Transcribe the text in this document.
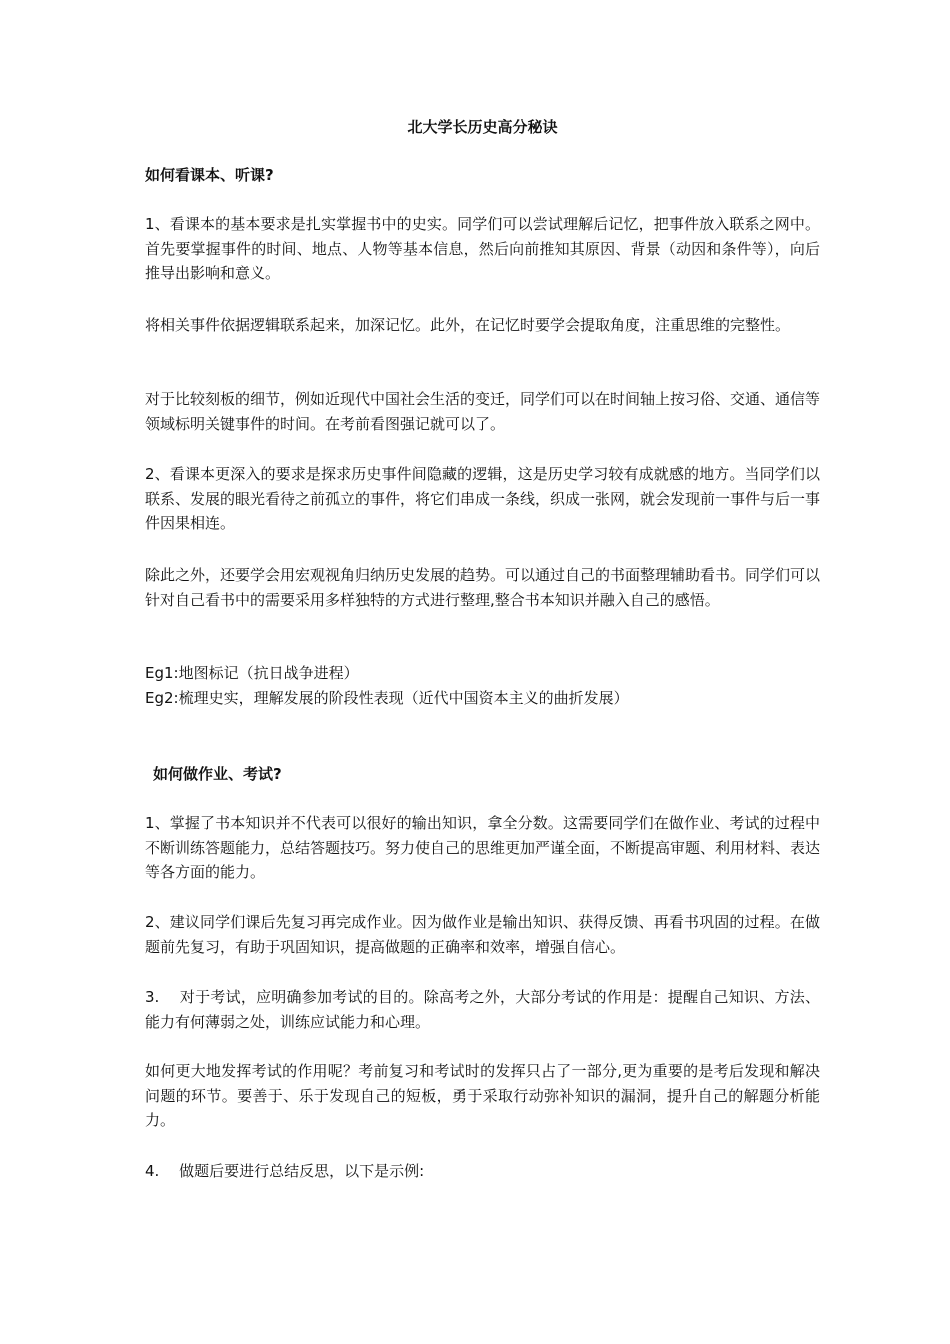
北大学长历史高分秘诀
如何看课本、听课?

1、看课本的基本要求是扎实掌握书中的史实。同学们可以尝试理解后记忆，把事件放入联系之网中。首先要掌握事件的时间、地点、人物等基本信息，然后向前推知其原因、背景（动因和条件等），向后推导出影响和意义。

将相关事件依据逻辑联系起来，加深记忆。此外，在记忆时要学会提取角度，注重思维的完整性。

对于比较刻板的细节，例如近现代中国社会生活的变迁，同学们可以在时间轴上按习俗、交通、通信等领域标明关键事件的时间。在考前看图强记就可以了。

2、看课本更深入的要求是探求历史事件间隐藏的逻辑，这是历史学习较有成就感的地方。当同学们以联系、发展的眼光看待之前孤立的事件，将它们串成一条线，织成一张网，就会发现前一事件与后一事件因果相连。

除此之外，还要学会用宏观视角归纳历史发展的趋势。可以通过自己的书面整理辅助看书。同学们可以针对自己看书中的需要采用多样独特的方式进行整理,整合书本知识并融入自己的感悟。

Eg1:地图标记（抗日战争进程）
Eg2:梳理史实，理解发展的阶段性表现（近代中国资本主义的曲折发展）
如何做作业、考试?

1、掌握了书本知识并不代表可以很好的输出知识，拿全分数。这需要同学们在做作业、考试的过程中不断训练答题能力，总结答题技巧。努力使自己的思维更加严谨全面，不断提高审题、利用材料、表达等各方面的能力。

2、建议同学们课后先复习再完成作业。因为做作业是输出知识、获得反馈、再看书巩固的过程。在做题前先复习，有助于巩固知识，提高做题的正确率和效率，增强自信心。

3.　 对于考试，应明确参加考试的目的。除高考之外，大部分考试的作用是：提醒自己知识、方法、能力有何薄弱之处，训练应试能力和心理。

如何更大地发挥考试的作用呢？考前复习和考试时的发挥只占了一部分,更为重要的是考后发现和解决问题的环节。要善于、乐于发现自己的短板，勇于采取行动弥补知识的漏洞，提升自己的解题分析能力。

4.　 做题后要进行总结反思，以下是示例:
